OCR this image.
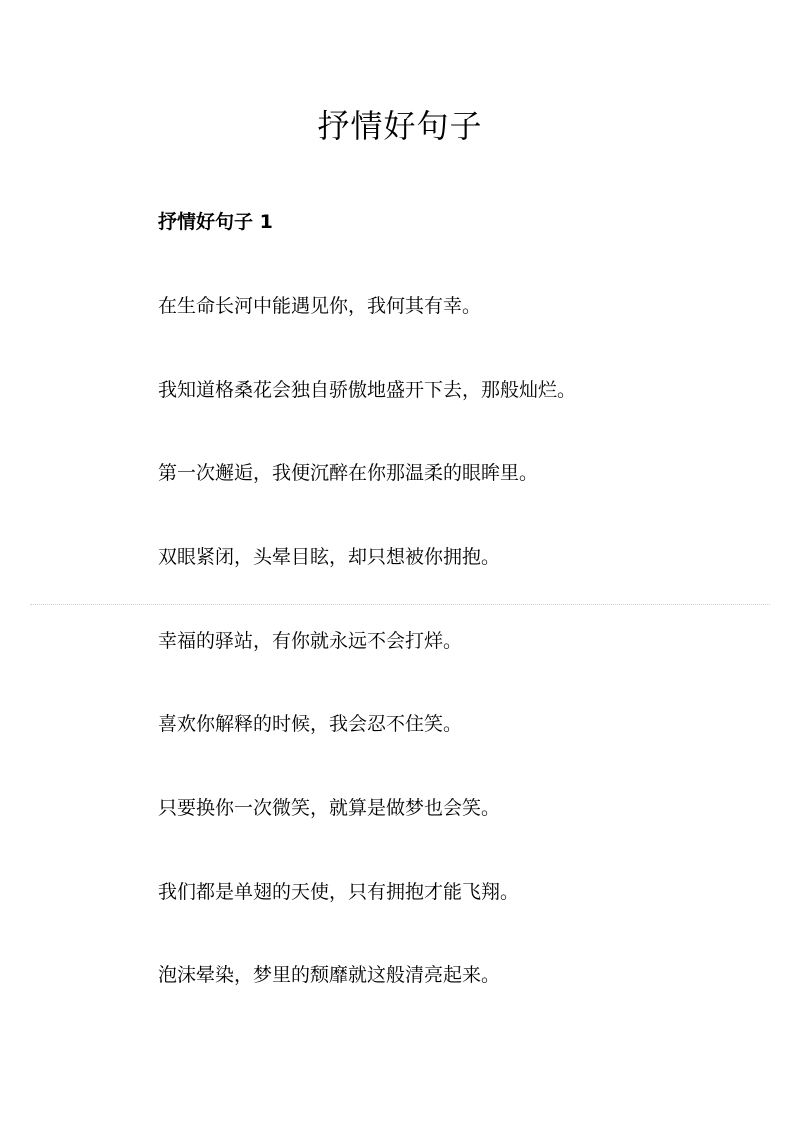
抒情好句子
抒情好句子 1
在生命长河中能遇见你，我何其有幸。
我知道格桑花会独自骄傲地盛开下去，那般灿烂。
第一次邂逅，我便沉醉在你那温柔的眼眸里。
双眼紧闭，头晕目眩，却只想被你拥抱。
幸福的驿站，有你就永远不会打烊。
喜欢你解释的时候，我会忍不住笑。
只要换你一次微笑，就算是做梦也会笑。
我们都是单翅的天使，只有拥抱才能飞翔。
泡沫晕染，梦里的颓靡就这般清亮起来。
